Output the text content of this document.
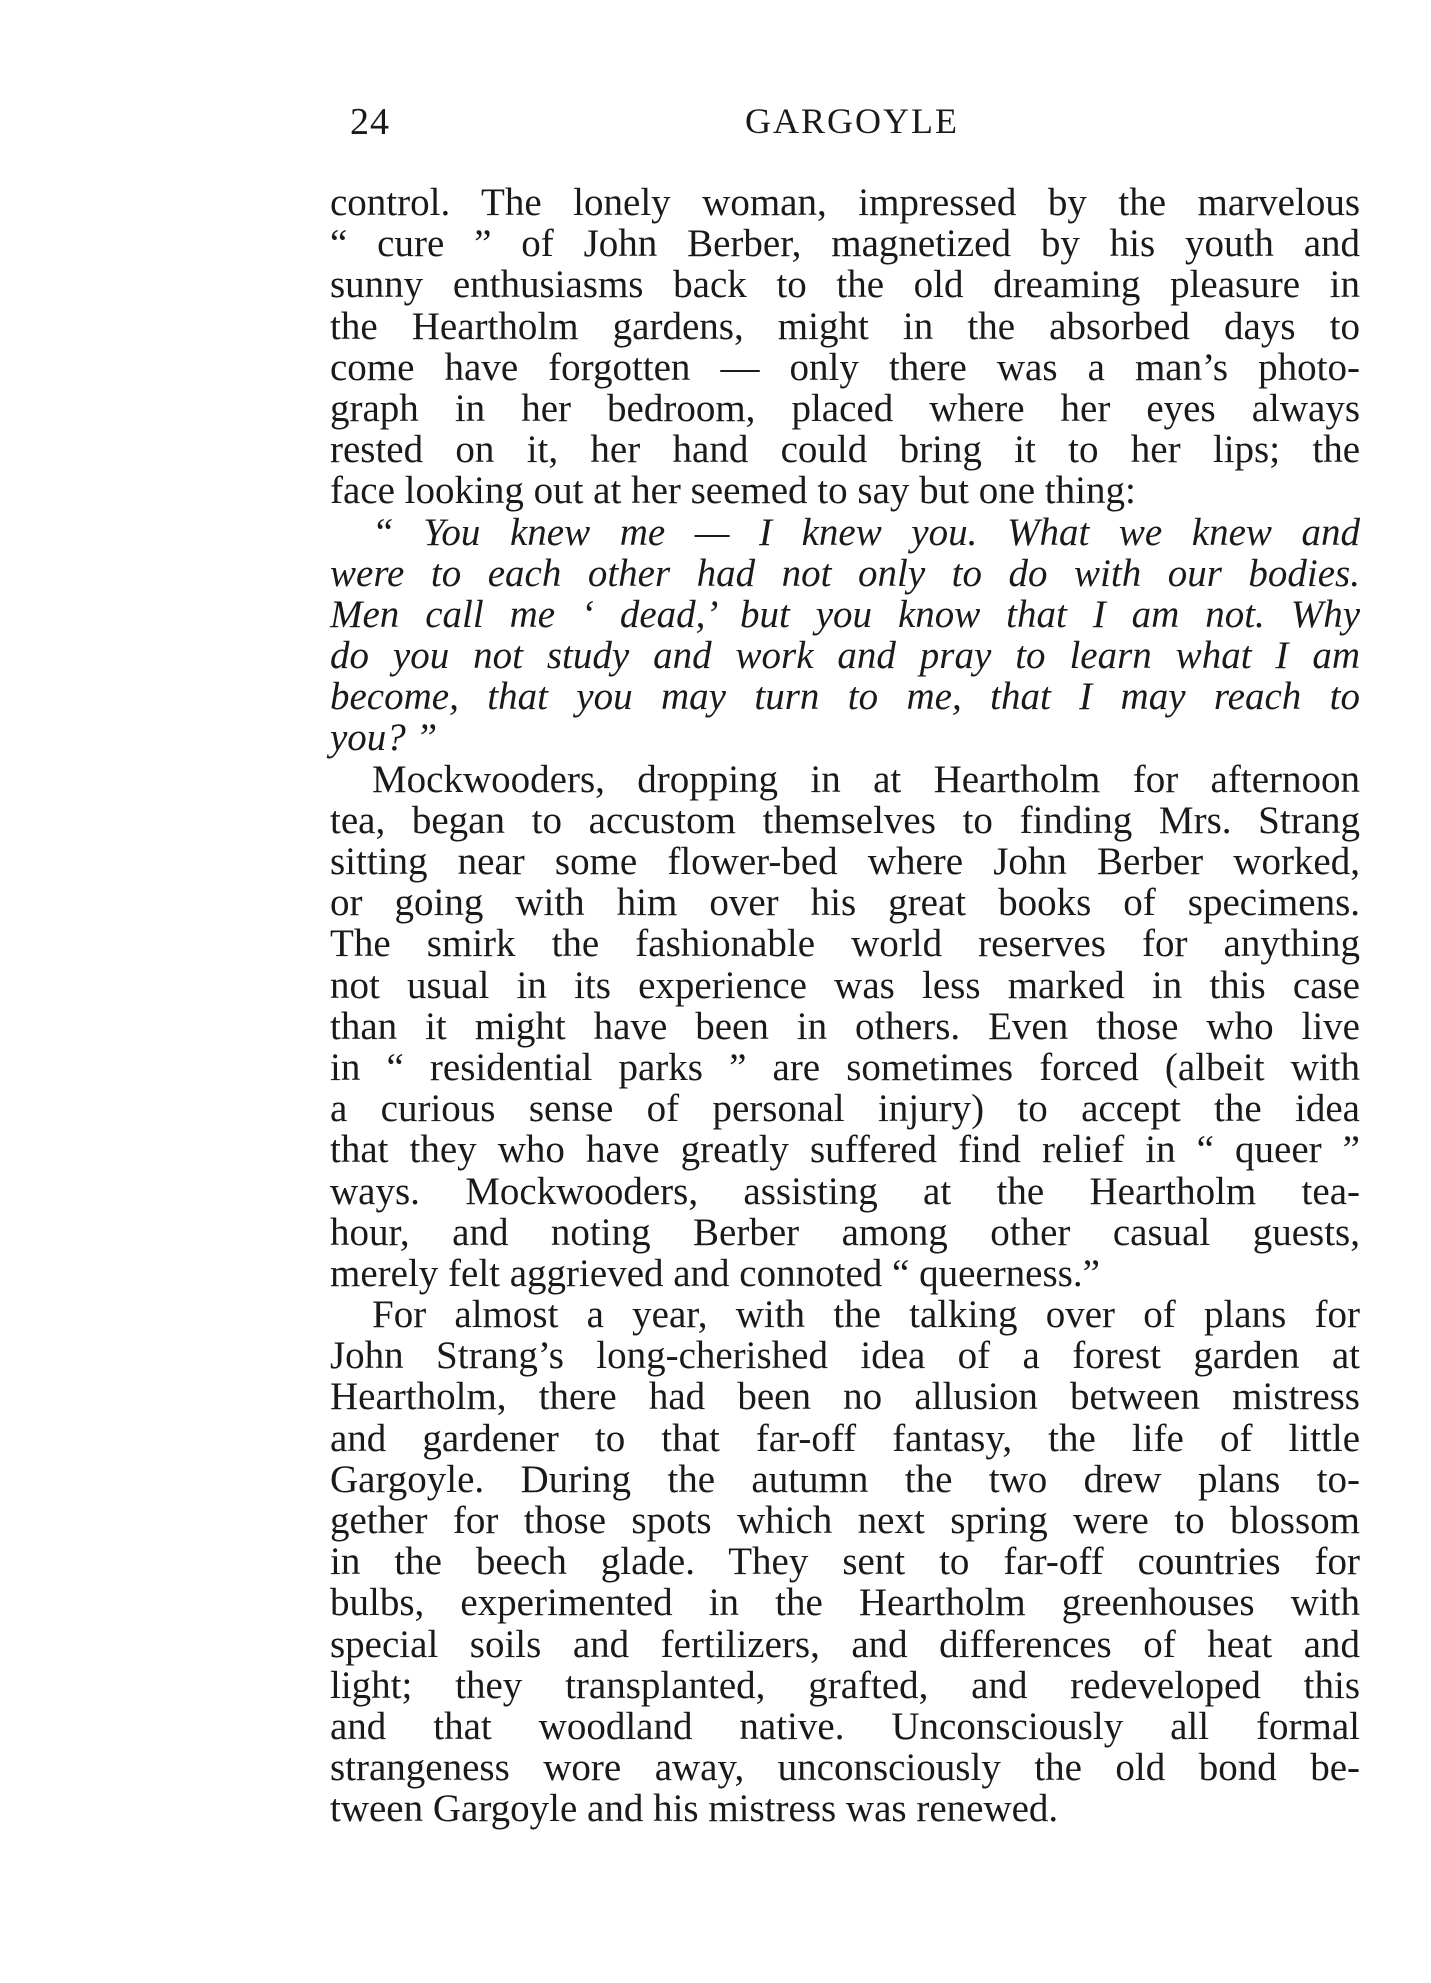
24	GARGOYLE
control. The lonely woman, impressed by the marvelous
“ cure ” of John Berber, magnetized by his youth and
sunny enthusiasms back to the old dreaming pleasure in
the Heartholm gardens, might in the absorbed days to
come have forgotten — only there was a man’s photo-
graph in her bedroom, placed where her eyes always
rested on it, her hand could bring it to her lips; the
face looking out at her seemed to say but one thing:
“ You knew me — I knew you. What we knew and
were to each other had not only to do with our bodies.
Men call me ‘ dead,’ but you know that I am not. Why
do you not study and work and pray to learn what I am
become, that you may turn to me, that I may reach to
you? ”
Mockwooders, dropping in at Heartholm for afternoon
tea, began to accustom themselves to finding Mrs. Strang
sitting near some flower-bed where John Berber worked,
or going with him over his great books of specimens.
The smirk the fashionable world reserves for anything
not usual in its experience was less marked in this case
than it might have been in others. Even those who live
in “ residential parks ” are sometimes forced (albeit with
a curious sense of personal injury) to accept the idea
that they who have greatly suffered find relief in “ queer ”
ways. Mockwooders, assisting at the Heartholm tea-
hour, and noting Berber among other casual guests,
merely felt aggrieved and connoted “ queerness.”
For almost a year, with the talking over of plans for
John Strang’s long-cherished idea of a forest garden at
Heartholm, there had been no allusion between mistress
and gardener to that far-off fantasy, the life of little
Gargoyle. During the autumn the two drew plans to-
gether for those spots which next spring were to blossom
in the beech glade. They sent to far-off countries for
bulbs, experimented in the Heartholm greenhouses with
special soils and fertilizers, and differences of heat and
light; they transplanted, grafted, and redeveloped this
and that woodland native. Unconsciously all formal
strangeness wore away, unconsciously the old bond be-
tween Gargoyle and his mistress was renewed.
